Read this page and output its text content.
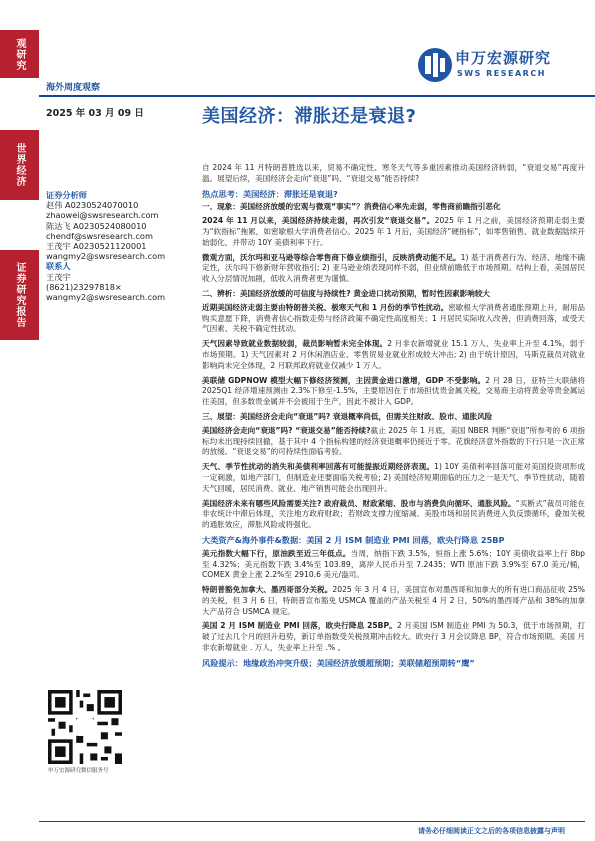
观研究
世界经济
证券研究报告
申万宏源研究
SWS RESEARCH
海外周度观察
2025 年 03 月 09 日	美国经济：滞胀还是衰退?
证券分析师
赵伟 A0230524070010
zhaowei@swsresearch.com
陈达飞 A0230524080010
chendf@swsresearch.com
王茂宇 A0230521120001
wangmy2@swsresearch.com
联系人
王茂宇
(8621)23297818×
wangmy2@swsresearch.com
申万宏源研究微信服务号

自 2024 年 11 月特朗普胜选以来，贸易不确定性、寒冬天气等多重因素推动美国经济转弱，“衰退交易”再度升温。展望后续，美国经济会走向“衰退”吗、“衰退交易”能否持续?

热点思考：美国经济：滞胀还是衰退?
一、现象：美国经济放缓的宏观与微观“事实”？消费信心率先走弱，零售商前瞻指引恶化

2024 年 11 月以来，美国经济持续走弱，再次引发“衰退交易”。2025 年 1 月之前，美国经济预期走弱主要为“软指标”拖累，如密歇根大学消费者信心。2025 年 1 月后，美国经济“硬指标”，如零售销售、就业数据陆续开始弱化，并带动 10Y 美债利率下行。

微观方面，沃尔玛和亚马逊等综合零售商下修业绩指引，反映消费动能不足。1) 基于消费者行为、经济、地缘不确定性，沃尔玛下修新财年营收指引; 2) 亚马逊业绩表现同样不弱，但业绩前瞻低于市场预期。结构上看，美国居民收入分层情况加剧，低收入消费者更为谨慎。

二、辨析：美国经济放缓的可信度与持续性? 黄金进口扰动预期，暂时性因素影响较大

近期美国经济走弱主要由特朗普关税、极寒天气和 1 月份的季节性扰动。密歇根大学消费者通胀预期上升，耐用品购买意愿下降，消费者信心指数走势与经济政策不确定性高度相关；1 月居民实际收入改善，但消费回落，或受天气因素、关税不确定性扰动。

天气因素导致就业数据较弱，裁员影响暂未完全体现。2 月非农新增就业 15.1 万人、失业率上升至 4.1%，弱于市场预期。1) 天气因素对 2 月休闲酒店业、零售贸易业就业形成较大冲击; 2) 由于统计原因，马斯克裁员对就业影响尚未完全体现，2 月联邦政府就业仅减少 1 万人。

美联储 GDPNOW 模型大幅下修经济预测，主因黄金进口激增，GDP 不受影响。2 月 28 日，亚特兰大联储将 2025Q1 经济增速预测由 2.3%下修至-1.5%，主要原因在于市场担忧贵金属关税，交易商主动将黄金等贵金属运往美国，但多数贵金属并不会被用于生产，因此不被计入 GDP。

三、展望：美国经济会走向“衰退”吗? 衰退概率尚低，但需关注财政、股市、通胀风险

美国经济会走向“衰退”吗? “衰退交易”能否持续?截止 2025 年 1 月底，美国 NBER 判断“衰退”所参考的 6 项指标均未出现持续回撤，基于其中 4 个指标构建的经济衰退概率仍接近于零。花旗经济意外指数的下行只是一次正常的放缓。“衰退交易”的可持续性面临考验。

天气、季节性扰动的消失和美债利率回落有可能提振近期经济表现。1) 10Y 美债利率回落可能对美国投资项形成一定刺激，如地产部门，但制造业还要面临关税考验; 2) 美国经济短期面临的压力之一是天气、季节性扰动，随着天气回暖，居民消费、就业、地产销售可能会出现回升。

美国经济未来有哪些风险需要关注? 政府裁员、财政紧缩、股市与消费负向循环、通胀风险。“买断式”裁员可能在非农统计中滞后体现，关注地方政府财政；若财政支撑力度缩减、美股市场和居民消费进入负反馈循环，叠加关税的通胀效应，滞胀风险或将强化。

大类资产&海外事件&数据：美国 2 月 ISM 制造业 PMI 回落，欧央行降息 25BP

美元指数大幅下行，原油跌至近三年低点。当周，纳指下跌 3.5%，恒指上涨 5.6%；10Y 美债收益率上行 8bp 至 4.32%；美元指数下跌 3.4%至 103.89，离岸人民币升至 7.2435；WTI 原油下跌 3.9%至 67.0 美元/桶，COMEX 黄金上涨 2.2%至 2910.6 美元/盎司。

特朗普豁免加拿大、墨西哥部分关税。2025 年 3 月 4 日，美国宣布对墨西哥和加拿大的所有进口商品征收 25%的关税，但 3 月 6 日，特朗普宣布豁免 USMCA 覆盖的产品关税至 4 月 2 日，50%的墨西哥产品和 38%的加拿大产品符合 USMCA 规定。

美国 2 月 ISM 制造业 PMI 回落，欧央行降息 25BP。2 月美国 ISM 制造业 PMI 为 50.3，低于市场预期，打破了过去几个月的回升趋势，新订单指数受关税预期冲击较大。欧央行 3 月会议降息 BP，符合市场预期。美国 月非农新增就业 . 万人，失业率上升至 .% 。

风险提示：地缘政治冲突升级；美国经济放缓超预期；美联储超预期转“鹰”
请务必仔细阅读正文之后的各项信息披露与声明
